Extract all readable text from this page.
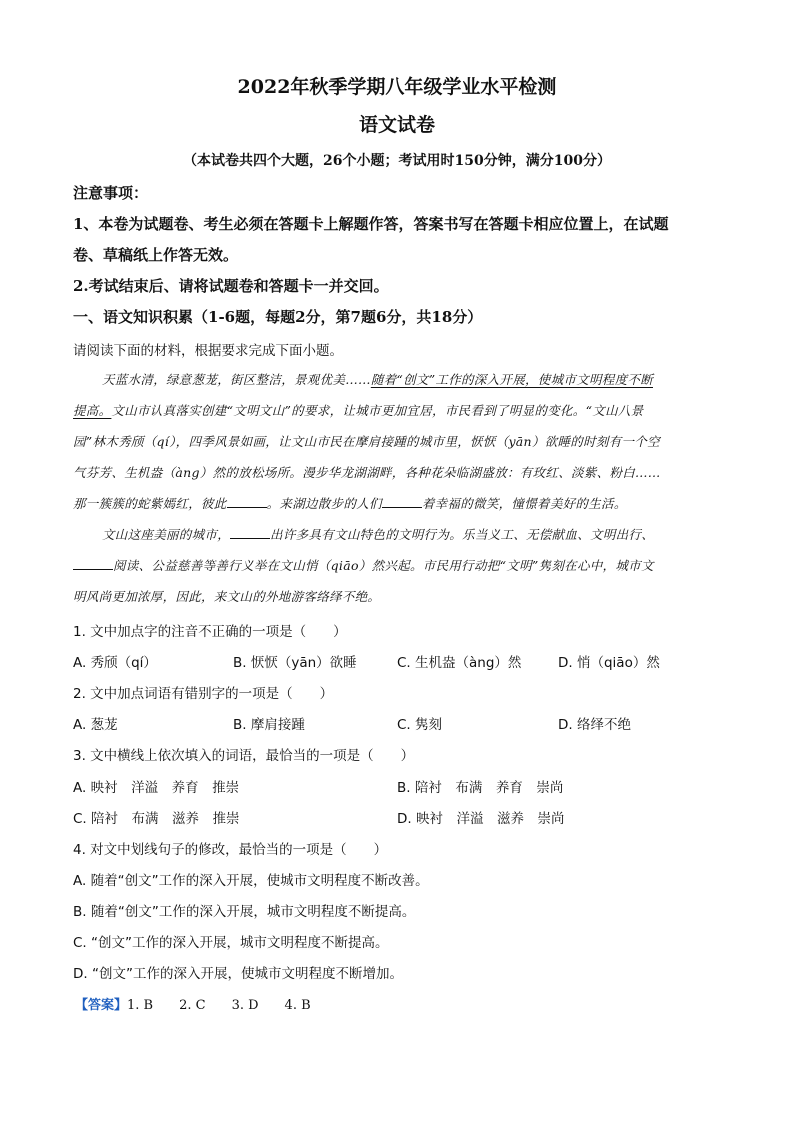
2022年秋季学期八年级学业水平检测
语文试卷
（本试卷共四个大题，26个小题；考试用时150分钟，满分100分）
注意事项：
1、本卷为试题卷、考生必须在答题卡上解题作答，答案书写在答题卡相应位置上，在试题
卷、草稿纸上作答无效。
2.考试结束后、请将试题卷和答题卡一并交回。
一、语文知识积累（1-6题，每题2分，第7题6分，共18分）
请阅读下面的材料，根据要求完成下面小题。
天蓝水清，绿意葱茏，街区整洁，景观优美……随着“创文”工作的深入开展，使城市文明程度不断
提高。文山市认真落实创建“文明文山”的要求，让城市更加宜居，市民看到了明显的变化。“文山八景
园”林木秀颀（qí），四季风景如画，让文山市民在摩肩接踵的城市里，恹恹（yān）欲睡的时刻有一个空
气芬芳、生机盎（àng）然的放松场所。漫步华龙湖湖畔，各种花朵临湖盛放：有玫红、淡紫、粉白……
那一簇簇的蛇紫嫣红，彼此	。来湖边散步的人们	着幸福的微笑，憧憬着美好的生活。
文山这座美丽的城市，	出许多具有文山特色的文明行为。乐当义工、无偿献血、文明出行、
阅读、公益慈善等善行义举在文山悄（qiāo）然兴起。市民用行动把“文明”隽刻在心中，城市文
明风尚更加浓厚，因此，来文山的外地游客络绎不绝。
1. 文中加点字的注音不正确的一项是（　　）
A. 秀颀（qí）	B. 恹恹（yān）欲睡	C. 生机盎（àng）然	D. 悄（qiāo）然
2. 文中加点词语有错别字的一项是（　　）
A. 葱茏	B. 摩肩接踵	C. 隽刻	D. 络绎不绝
3. 文中横线上依次填入的词语，最恰当的一项是（　　）
A. 映衬　洋溢　养育　推崇	B. 陪衬　布满　养育　崇尚
C. 陪衬　布满　滋养　推崇	D. 映衬　洋溢　滋养　崇尚
4. 对文中划线句子的修改，最恰当的一项是（　　）
A. 随着“创文”工作的深入开展，使城市文明程度不断改善。
B. 随着“创文”工作的深入开展，城市文明程度不断提高。
C. “创文”工作的深入开展，城市文明程度不断提高。
D. “创文”工作的深入开展，使城市文明程度不断增加。
【答案】1. B　　2. C　　3. D　　4. B
